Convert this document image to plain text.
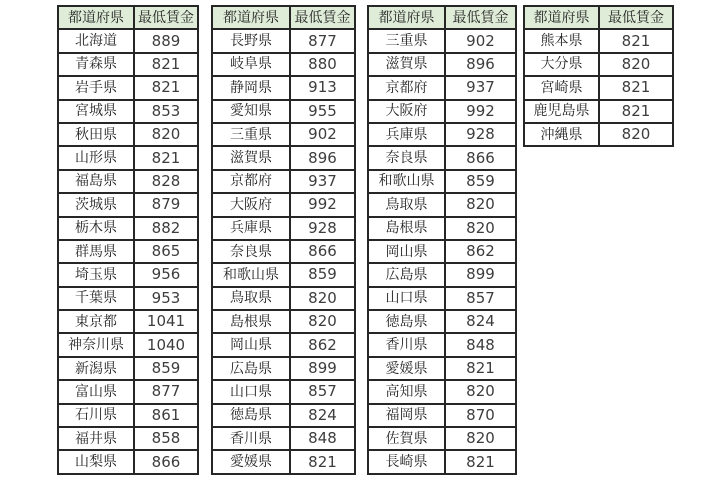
都道府県	最低賃金
北海道	889
青森県	821
岩手県	821
宮城県	853
秋田県	820
山形県	821
福島県	828
茨城県	879
栃木県	882
群馬県	865
埼玉県	956
千葉県	953
東京都	1041
神奈川県	1040
新潟県	859
富山県	877
石川県	861
福井県	858
山梨県	866
都道府県	最低賃金
長野県	877
岐阜県	880
静岡県	913
愛知県	955
三重県	902
滋賀県	896
京都府	937
大阪府	992
兵庫県	928
奈良県	866
和歌山県	859
鳥取県	820
島根県	820
岡山県	862
広島県	899
山口県	857
徳島県	824
香川県	848
愛媛県	821
都道府県	最低賃金
三重県	902
滋賀県	896
京都府	937
大阪府	992
兵庫県	928
奈良県	866
和歌山県	859
鳥取県	820
島根県	820
岡山県	862
広島県	899
山口県	857
徳島県	824
香川県	848
愛媛県	821
高知県	820
福岡県	870
佐賀県	820
長崎県	821
都道府県	最低賃金
熊本県	821
大分県	820
宮崎県	821
鹿児島県	821
沖縄県	820
